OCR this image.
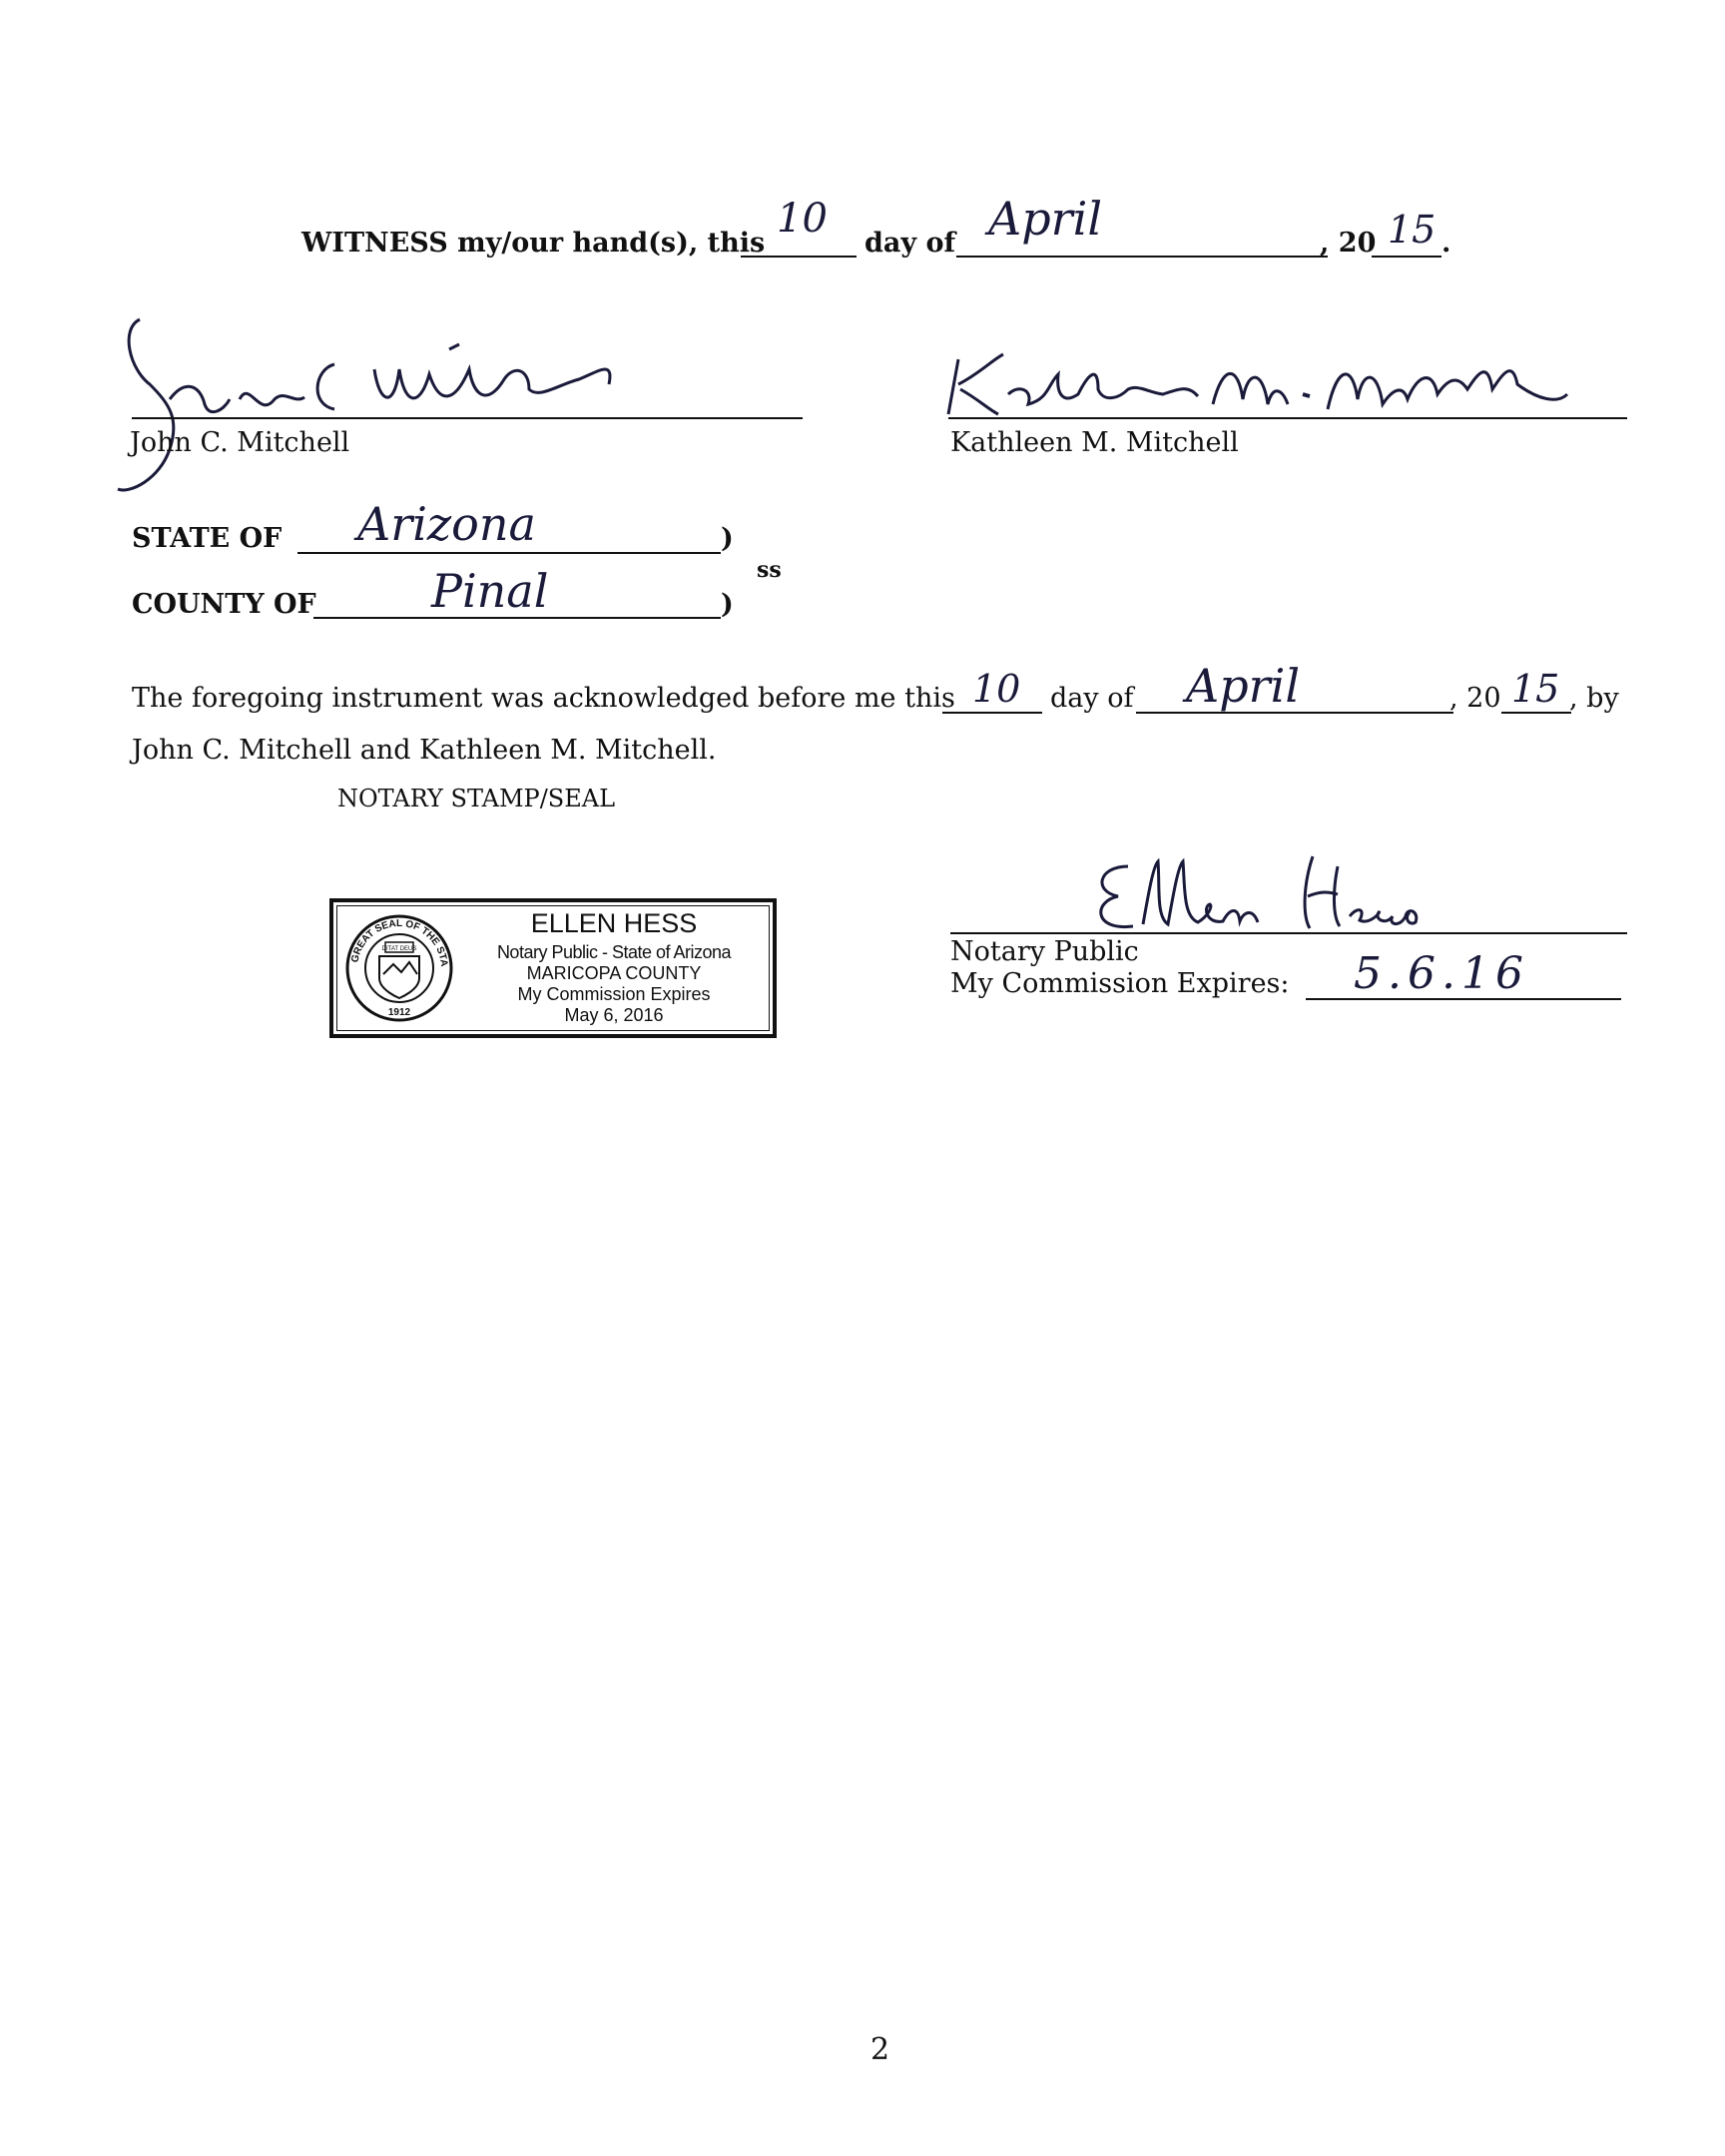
WITNESS my/our hand(s), this
10
day of April	, 20 15 .
John C. Mitchell	Kathleen M. Mitchell
STATE OF Arizona	)
ss
COUNTY OF	Pinal	)
The foregoing instrument was acknowledged before me this 10 day of April	, 20 15 , by
John C. Mitchell and Kathleen M. Mitchell.
NOTARY STAMP/SEAL
GREAT SEAL OF THE STA
DITAT DEUS
1912
ELLEN HESS
Notary Public - State of Arizona
MARICOPA COUNTY
My Commission Expires
May 6, 2016
Notary Public
My Commission Expires: 5.6.16
2
